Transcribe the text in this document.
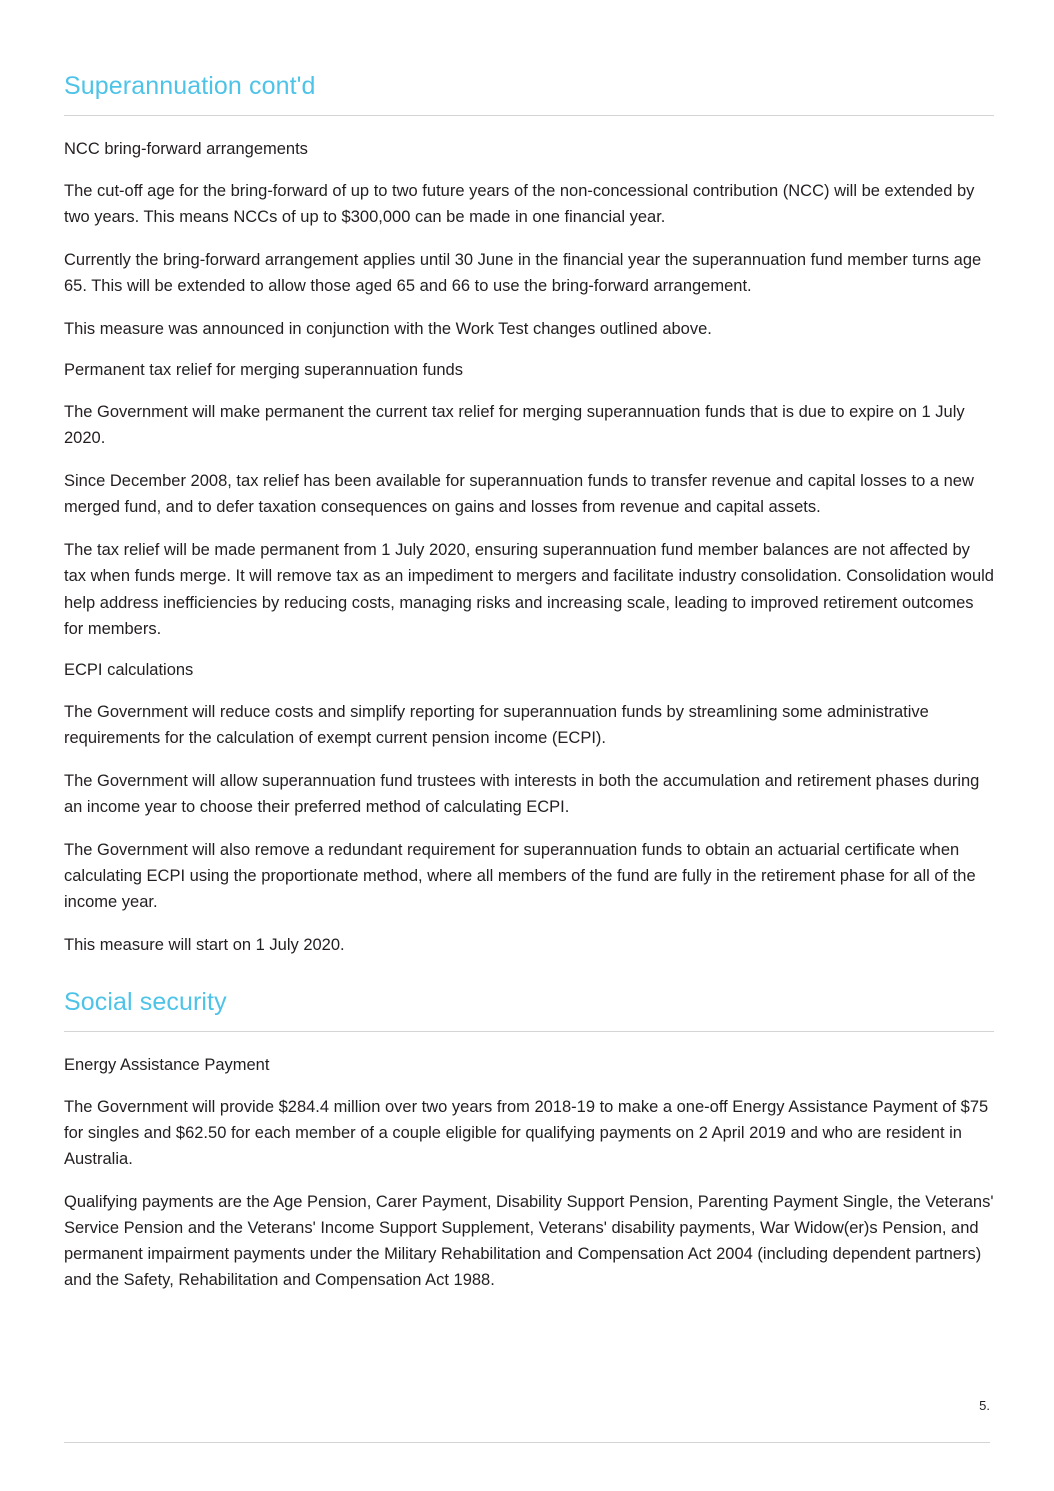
Superannuation cont'd
NCC bring-forward arrangements

The cut-off age for the bring-forward of up to two future years of the non-concessional contribution (NCC) will be extended by two years. This means NCCs of up to $300,000 can be made in one financial year.

Currently the bring-forward arrangement applies until 30 June in the financial year the superannuation fund member turns age 65. This will be extended to allow those aged 65 and 66 to use the bring-forward arrangement.

This measure was announced in conjunction with the Work Test changes outlined above.

Permanent tax relief for merging superannuation funds

The Government will make permanent the current tax relief for merging superannuation funds that is due to expire on 1 July 2020.

Since December 2008, tax relief has been available for superannuation funds to transfer revenue and capital losses to a new merged fund, and to defer taxation consequences on gains and losses from revenue and capital assets.

The tax relief will be made permanent from 1 July 2020, ensuring superannuation fund member balances are not affected by tax when funds merge. It will remove tax as an impediment to mergers and facilitate industry consolidation. Consolidation would help address inefficiencies by reducing costs, managing risks and increasing scale, leading to improved retirement outcomes for members.

ECPI calculations

The Government will reduce costs and simplify reporting for superannuation funds by streamlining some administrative requirements for the calculation of exempt current pension income (ECPI).

The Government will allow superannuation fund trustees with interests in both the accumulation and retirement phases during an income year to choose their preferred method of calculating ECPI.

The Government will also remove a redundant requirement for superannuation funds to obtain an actuarial certificate when calculating ECPI using the proportionate method, where all members of the fund are fully in the retirement phase for all of the income year.

This measure will start on 1 July 2020.

Social security
Energy Assistance Payment

The Government will provide $284.4 million over two years from 2018-19 to make a one-off Energy Assistance Payment of $75 for singles and $62.50 for each member of a couple eligible for qualifying payments on 2 April 2019 and who are resident in Australia.

Qualifying payments are the Age Pension, Carer Payment, Disability Support Pension, Parenting Payment Single, the Veterans' Service Pension and the Veterans' Income Support Supplement, Veterans' disability payments, War Widow(er)s Pension, and permanent impairment payments under the Military Rehabilitation and Compensation Act 2004 (including dependent partners) and the Safety, Rehabilitation and Compensation Act 1988.

5.
